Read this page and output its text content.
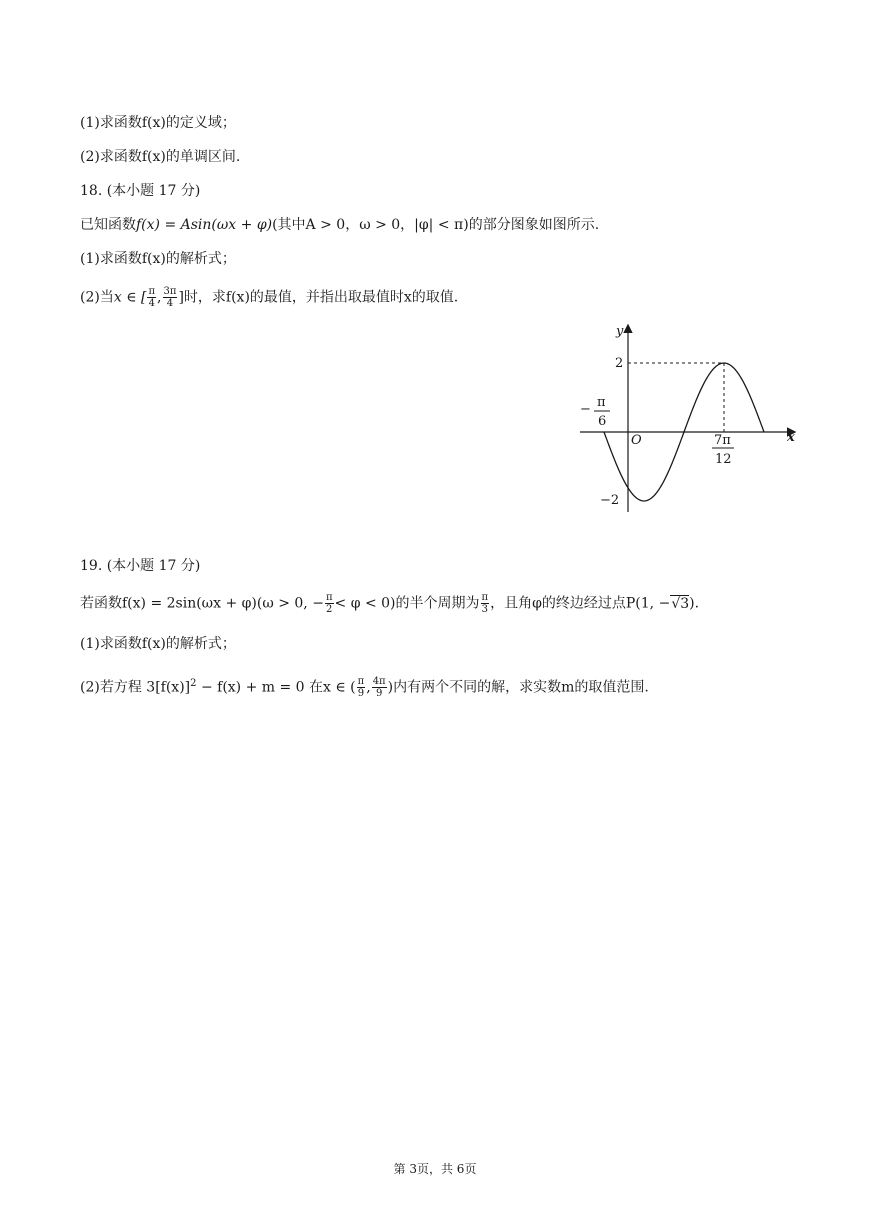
(1)求函数f(x)的定义域；
(2)求函数f(x)的单调区间.
18. (本小题 17 分)
已知函数f(x) = Asin(ωx + φ)(其中A > 0，ω > 0，|φ| < π)的部分图象如图所示.
(1)求函数f(x)的解析式；
(2)当x ∈ [ $\frac{\pi}{4}$ , $\frac{3\pi}{4}$ ]时，求f(x)的最值，并指出取最值时x的取值.
x
y
O
2
−2
− π
6
7π
12
19. (本小题 17 分)
若函数f(x) = 2sin(ωx + φ)(ω > 0, − $\frac{\pi}{2} < \varphi < 0$)的半个周期为 $\frac{\pi}{3}$ ，且角φ的终边经过点P(1, −√3).
(1)求函数f(x)的解析式；
(2)若方程 $3[f(x)]^2 - f(x) + m = 0$ 在x ∈ ( $\frac{\pi}{9}$ , $\frac{4\pi}{9}$ )内有两个不同的解，求实数m的取值范围.
第 3页，共 6页
